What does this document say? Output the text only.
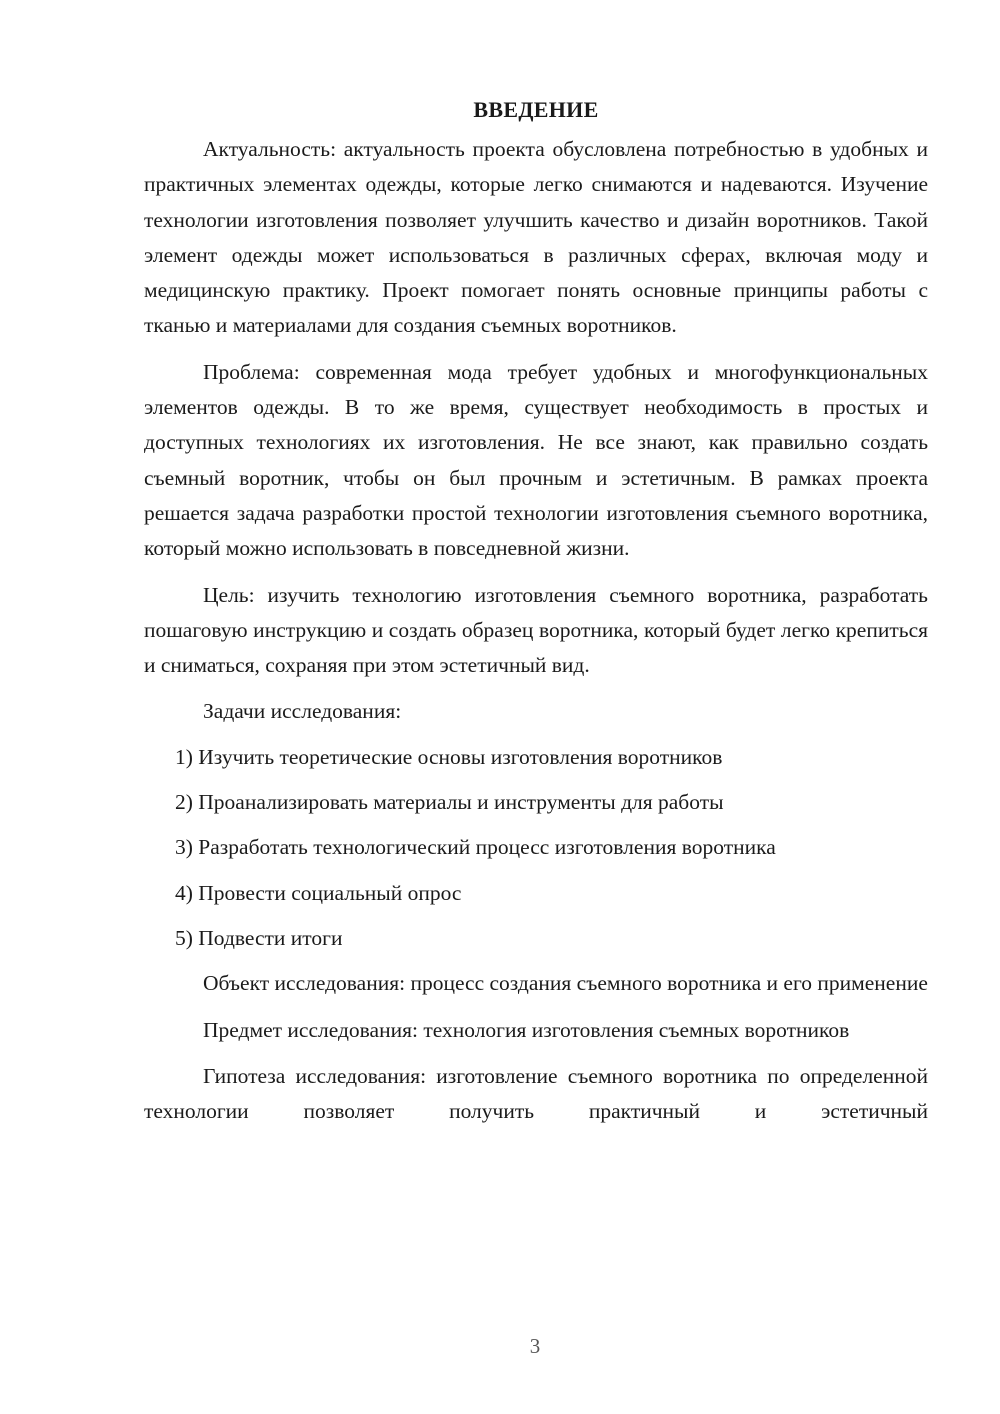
ВВЕДЕНИЕ

Актуальность: актуальность проекта обусловлена потребностью в удобных и практичных элементах одежды, которые легко снимаются и надеваются. Изучение технологии изготовления позволяет улучшить качество и дизайн воротников. Такой элемент одежды может использоваться в различных сферах, включая моду и медицинскую практику. Проект помогает понять основные принципы работы с тканью и материалами для создания съемных воротников.

Проблема: современная мода требует удобных и многофункциональных элементов одежды. В то же время, существует необходимость в простых и доступных технологиях их изготовления. Не все знают, как правильно создать съемный воротник, чтобы он был прочным и эстетичным. В рамках проекта решается задача разработки простой технологии изготовления съемного воротника, который можно использовать в повседневной жизни.

Цель: изучить технологию изготовления съемного воротника, разработать пошаговую инструкцию и создать образец воротника, который будет легко крепиться и сниматься, сохраняя при этом эстетичный вид.

Задачи исследования:

1) Изучить теоретические основы изготовления воротников
2) Проанализировать материалы и инструменты для работы
3) Разработать технологический процесс изготовления воротника
4) Провести социальный опрос
5) Подвести итоги

Объект исследования: процесс создания съемного воротника и его применение

Предмет исследования: технология изготовления съемных воротников

Гипотеза исследования: изготовление съемного воротника по определенной технологии позволяет получить практичный и эстетичный

3
